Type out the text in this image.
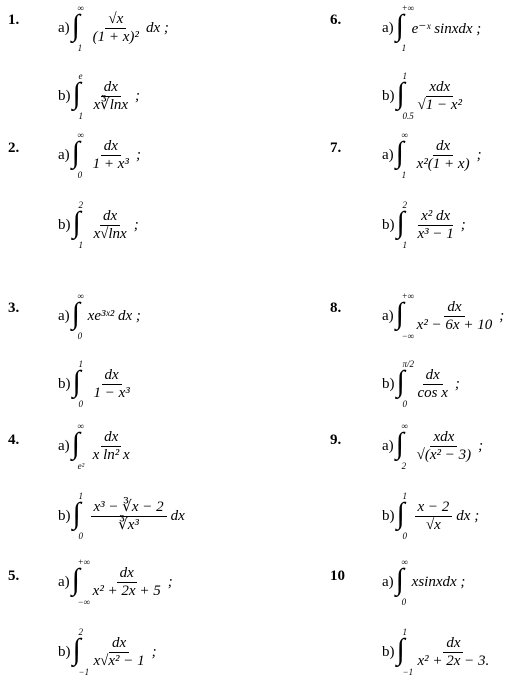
1.	a) ∫
∞
1
$\frac{√x}{\text{(1 + x)²}}$ dx ;
b) ∫
e
1
$\frac{dx}{x∛\ln x}$ ;
2.	a) ∫
∞
0
$\frac{dx}{\text{1 + x³}}$ ;
b) ∫
2
1
$\frac{dx}{x√\ln x}$ ;
3.	a) ∫
∞
0
xe³ˣ² dx ;
b) ∫
1
0
$\frac{dx}{\text{1 − x³}}$
4.	a) ∫
∞
e²
$\frac{dx}{\text{x ln² x}}$
b) ∫
1
0
$\frac{\text{x³ − ∛x − 2}}{\text{∛x³}}$ dx
5.	a) ∫
+∞
−∞
$\frac{dx}{\text{x² + 2x + 5}}$ ;
b) ∫
2
−1
$\frac{dx}{\text{x√x² − 1}}$ ;
6.	a) ∫
+∞
1
e⁻ˣ sinxdx ;
b) ∫
1
0.5
$\frac{\text{xdx}}{\text{√1 − x²}}$
7.	a) ∫
∞
1
$\frac{dx}{\text{x²(1 + x)}}$ ;
b) ∫
2
1
$\frac{\text{x² dx}}{\text{x³ − 1}}$ ;
8.	a) ∫
+∞
−∞
$\frac{dx}{\text{x² − 6x + 10}}$ ;
b) ∫
π/2
0
$\frac{dx}{\text{cos x}}$ ;
9.	a) ∫
∞
2
$\frac{\text{xdx}}{\text{√(x² − 3)}}$ ;
b) ∫
1
0
$\frac{x - 2}{√x}$ dx ;
10 a) ∫
∞
0
xsinxdx ;
b) ∫
1
−1
$\frac{dx}{\text{x² + 2x − 3.}}$
